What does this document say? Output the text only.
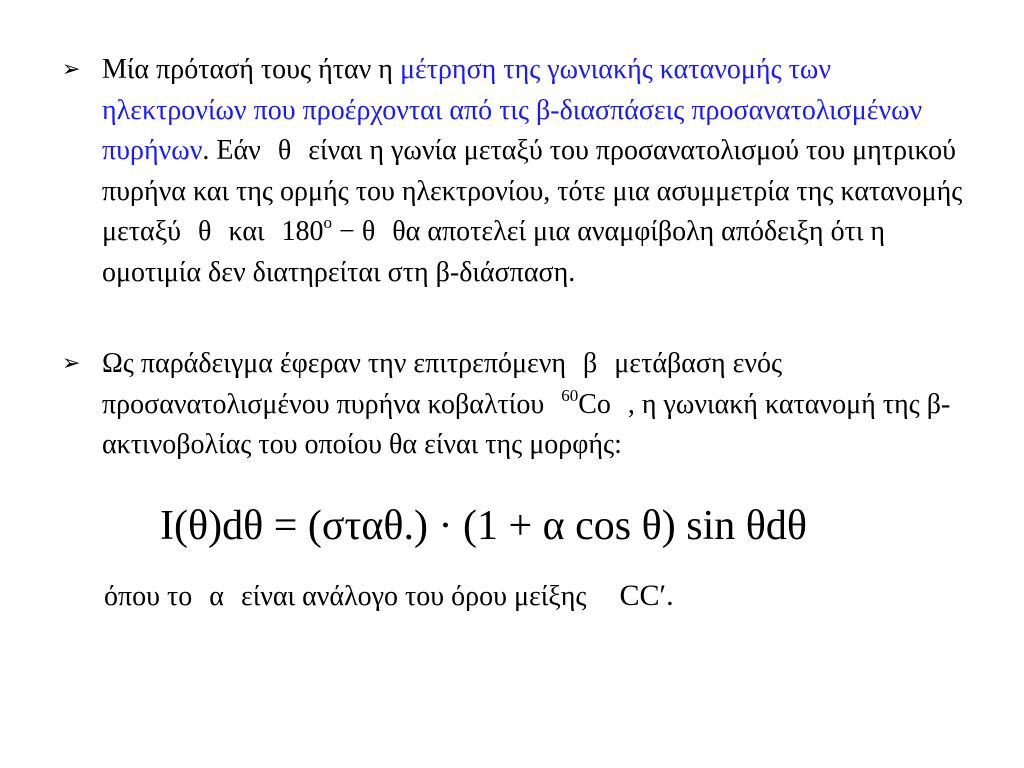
➢ Μία πρότασή τους ήταν η μέτρηση της γωνιακής κατανομής των ηλεκτρονίων που προέρχονται από τις β-διασπάσεις προσανατολισμένων πυρήνων. Εάν θ είναι η γωνία μεταξύ του προσανατολισμού του μητρικού πυρήνα και της ορμής του ηλεκτρονίου, τότε μια ασυμμετρία της κατανομής μεταξύ θ και $180^o - \theta$ θα αποτελεί μια αναμφίβολη απόδειξη ότι η ομοτιμία δεν διατηρείται στη β-διάσπαση.
➢ Ως παράδειγμα έφεραν την επιτρεπόμενη β μετάβαση ενός προσανατολισμένου πυρήνα κοβαλτίου $^{60}$Co , η γωνιακή κατανομή της β-ακτινοβολίας του οποίου θα είναι της μορφής:
I(θ)dθ = (σταθ.) · (1 + α cos θ) sin θdθ
όπου το α είναι ανάλογο του όρου μείξης CC′.
